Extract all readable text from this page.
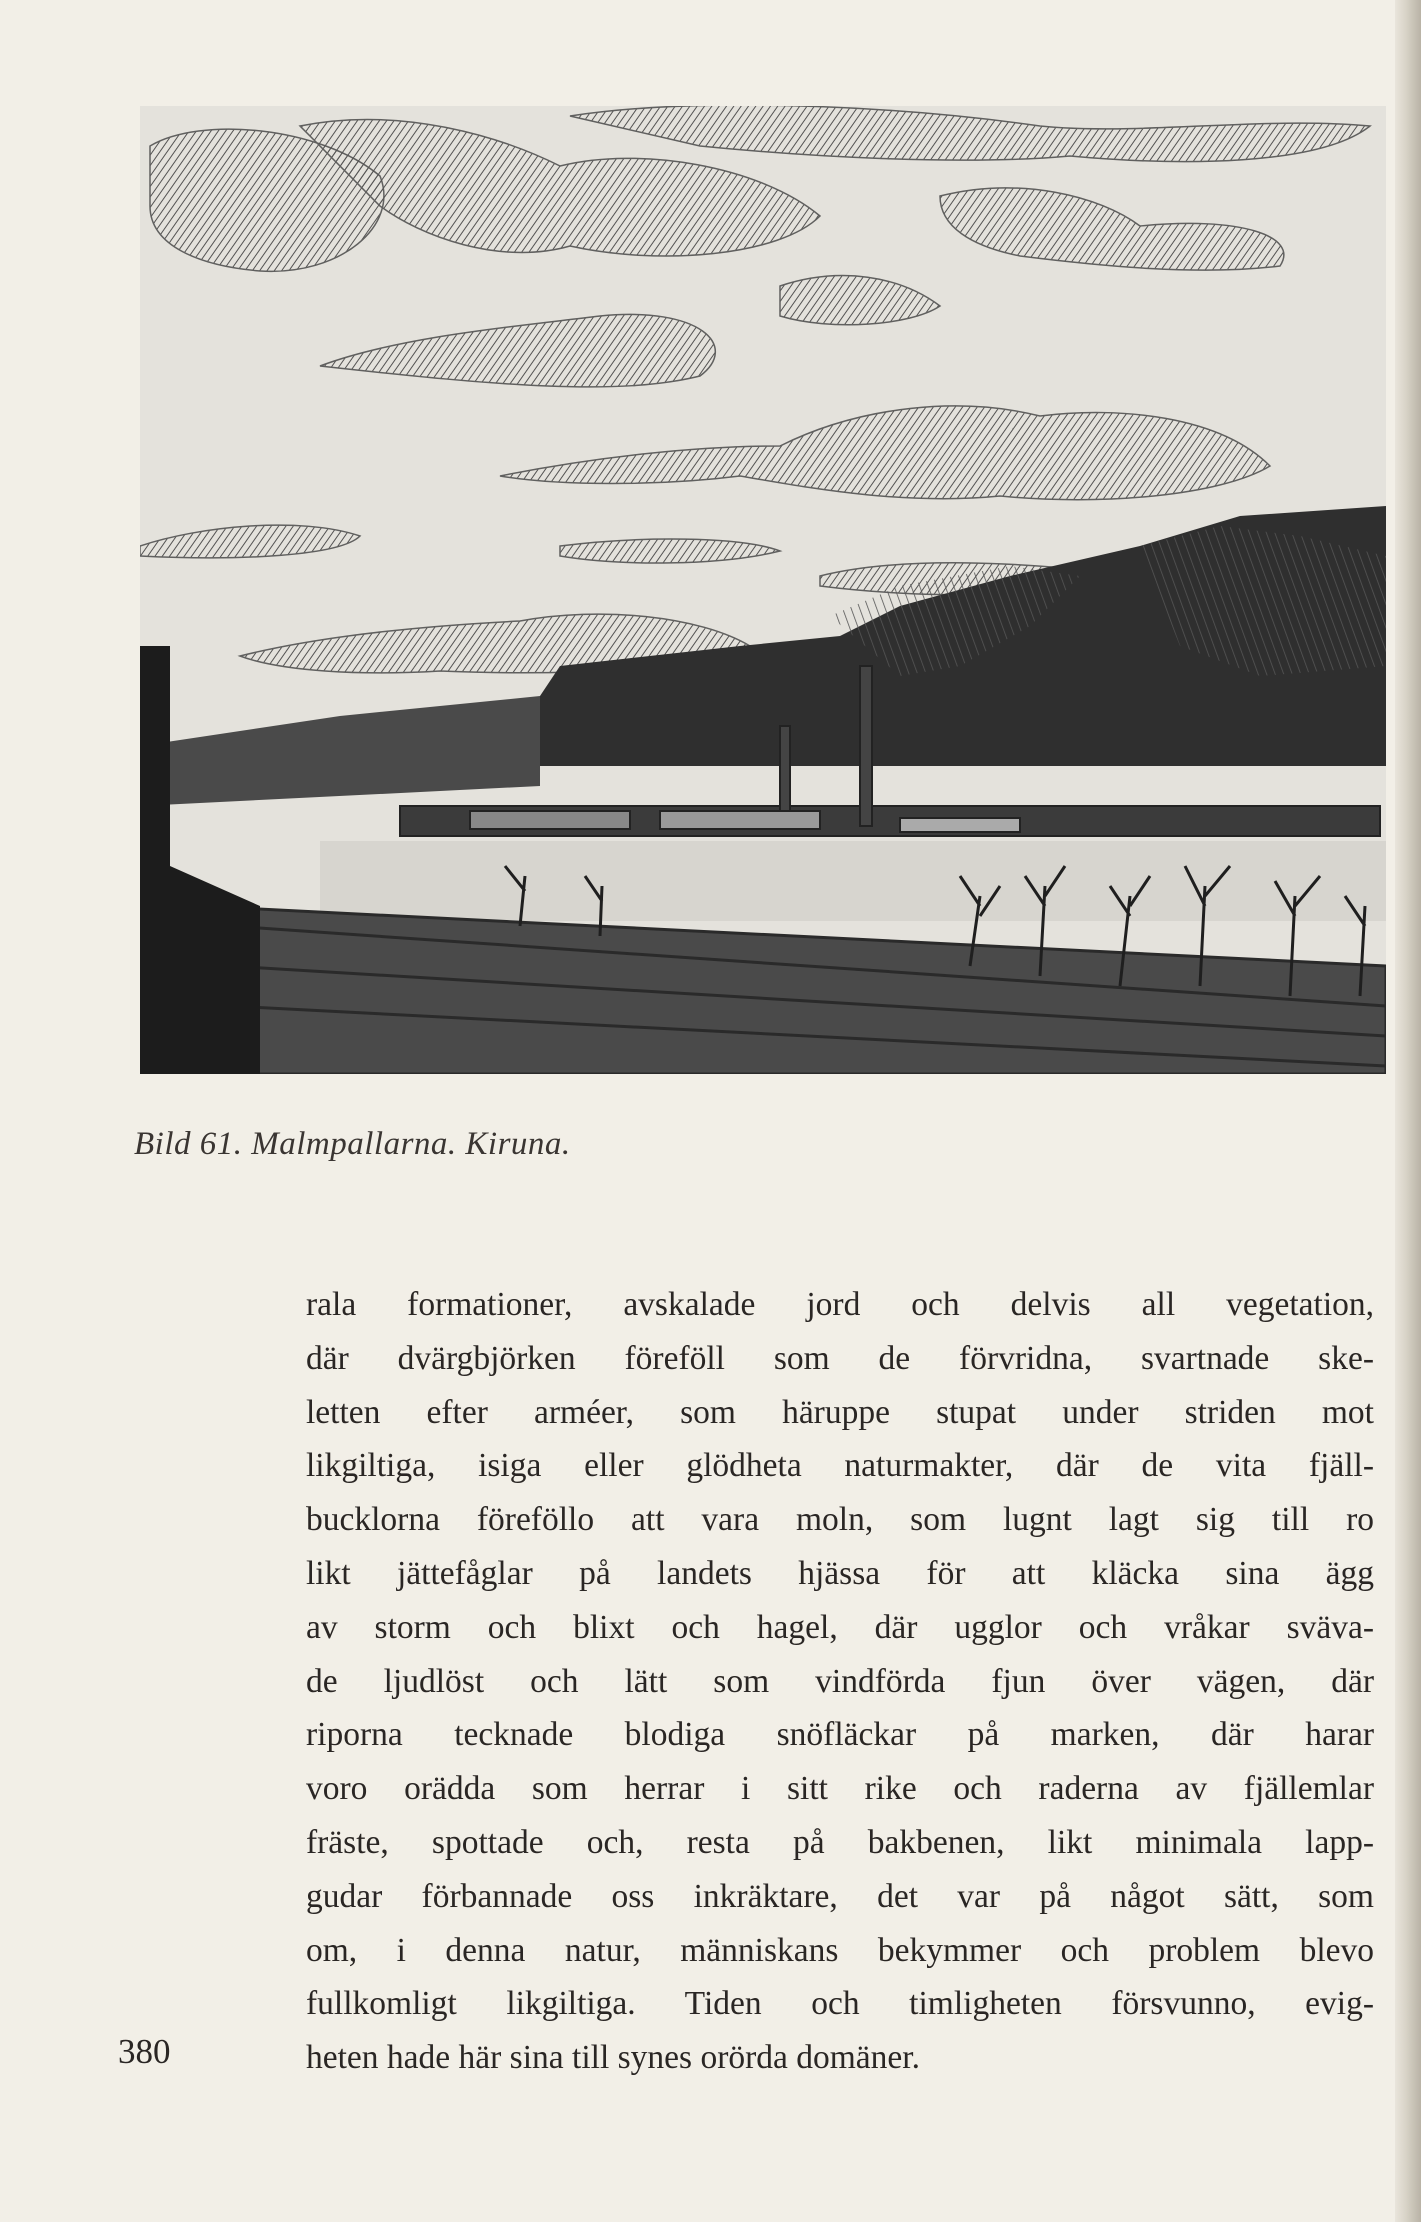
Bild 61. Malmpallarna. Kiruna.
rala formationer, avskalade jord och delvis all vegetation,
där dvärgbjörken föreföll som de förvridna, svartnade ske-
letten efter arméer, som häruppe stupat under striden mot
likgiltiga, isiga eller glödheta naturmakter, där de vita fjäll-
bucklorna föreföllo att vara moln, som lugnt lagt sig till ro
likt jättefåglar på landets hjässa för att kläcka sina ägg
av storm och blixt och hagel, där ugglor och vråkar sväva-
de ljudlöst och lätt som vindförda fjun över vägen, där
riporna tecknade blodiga snöfläckar på marken, där harar
voro orädda som herrar i sitt rike och raderna av fjällemlar
fräste, spottade och, resta på bakbenen, likt minimala lapp-
gudar förbannade oss inkräktare, det var på något sätt, som
om, i denna natur, människans bekymmer och problem blevo
fullkomligt likgiltiga. Tiden och timligheten försvunno, evig-
heten hade här sina till synes orörda domäner.
380
